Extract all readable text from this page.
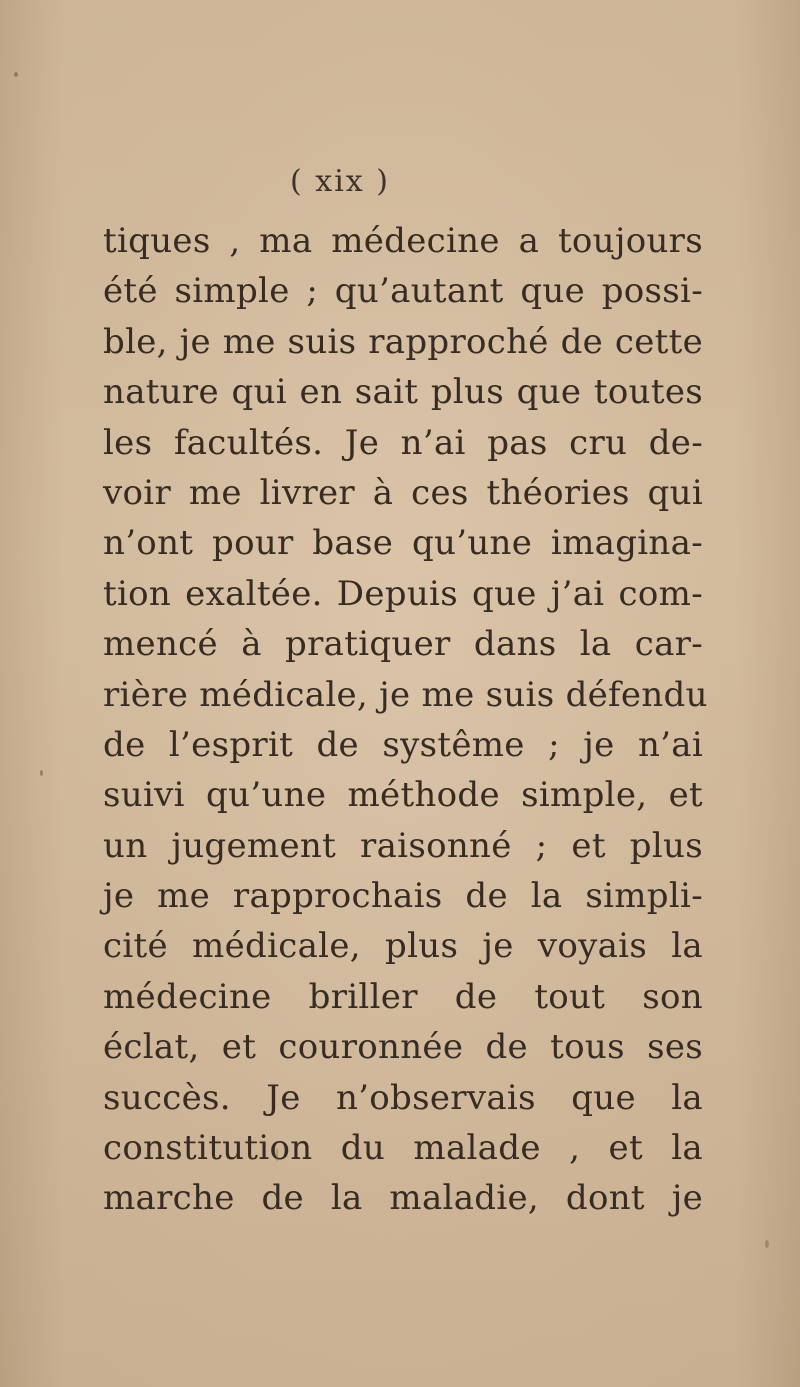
( xix )
tiques , ma médecine a toujours
été simple ; qu’autant que possi-
ble, je me suis rapproché de cette
nature qui en sait plus que toutes
les facultés. Je n’ai pas cru de-
voir me livrer à ces théories qui
n’ont pour base qu’une imagina-
tion exaltée. Depuis que j’ai com-
mencé à pratiquer dans la car-
rière médicale, je me suis défendu
de l’esprit de systême ; je n’ai
suivi qu’une méthode simple, et
un jugement raisonné ; et plus
je me rapprochais de la simpli-
cité médicale, plus je voyais la
médecine briller de tout son
éclat, et couronnée de tous ses
succès. Je n’observais que la
constitution du malade , et la
marche de la maladie, dont je
